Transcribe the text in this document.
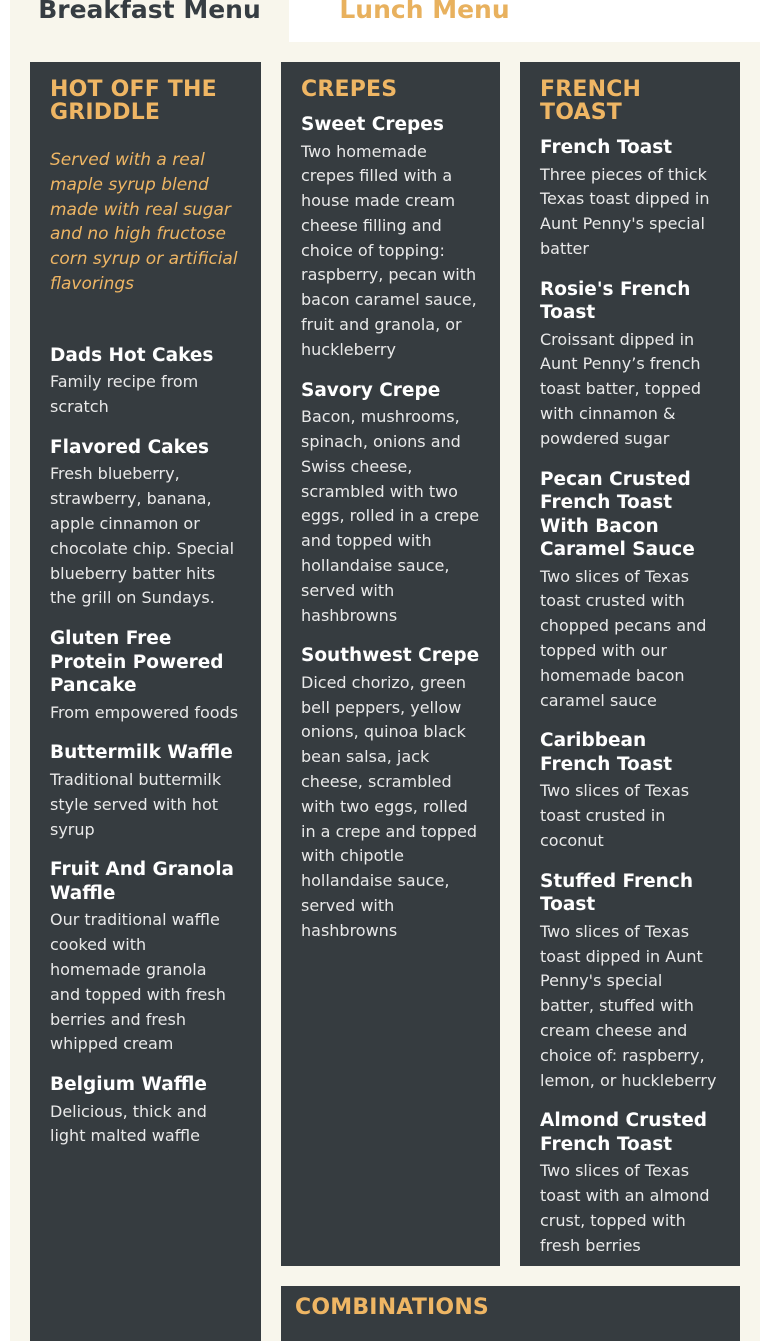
Breakfast Menu	Lunch Menu
HOT OFF THE GRIDDLE
Served with a real maple syrup blend made with real sugar and no high fructose corn syrup or artificial flavorings
Dads Hot Cakes
Family recipe from scratch
Flavored Cakes
Fresh blueberry, strawberry, banana, apple cinnamon or chocolate chip. Special blueberry batter hits the grill on Sundays.
Gluten Free Protein Powered Pancake
From empowered foods
Buttermilk Waffle
Traditional buttermilk style served with hot syrup
Fruit And Granola Waffle
Our traditional waffle cooked with homemade granola and topped with fresh berries and fresh whipped cream
Belgium Waffle
Delicious, thick and light malted waffle
CREPES
Sweet Crepes
Two homemade crepes filled with a house made cream cheese filling and choice of topping: raspberry, pecan with bacon caramel sauce, fruit and granola, or huckleberry
Savory Crepe
Bacon, mushrooms, spinach, onions and Swiss cheese, scrambled with two eggs, rolled in a crepe and topped with hollandaise sauce, served with hashbrowns
Southwest Crepe
Diced chorizo, green bell peppers, yellow onions, quinoa black bean salsa, jack cheese, scrambled with two eggs, rolled in a crepe and topped with chipotle hollandaise sauce, served with hashbrowns
FRENCH TOAST
French Toast
Three pieces of thick Texas toast dipped in Aunt Penny's special batter
Rosie's French Toast
Croissant dipped in Aunt Penny’s french toast batter, topped with cinnamon & powdered sugar
Pecan Crusted French Toast With Bacon Caramel Sauce
Two slices of Texas toast crusted with chopped pecans and topped with our homemade bacon caramel sauce
Caribbean French Toast
Two slices of Texas toast crusted in coconut
Stuffed French Toast
Two slices of Texas toast dipped in Aunt Penny's special batter, stuffed with cream cheese and choice of: raspberry, lemon, or huckleberry
Almond Crusted French Toast
Two slices of Texas toast with an almond crust, topped with fresh berries
COMBINATIONS
